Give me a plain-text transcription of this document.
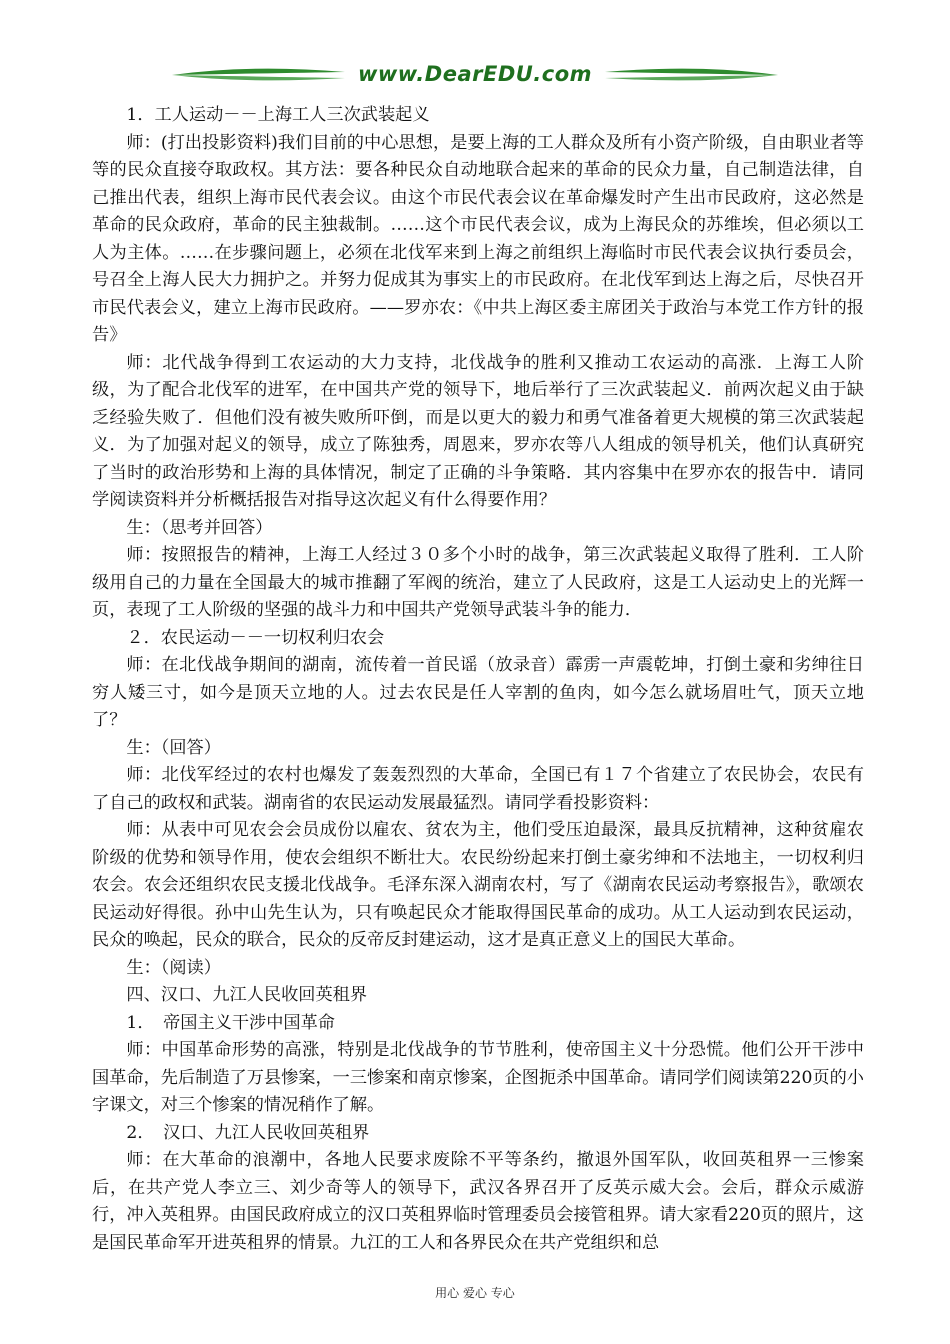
www.DearEDU.com

1．工人运动－－上海工人三次武装起义

师：(打出投影资料)我们目前的中心思想，是要上海的工人群众及所有小资产阶级，自由职业者等等的民众直接夺取政权。其方法：要各种民众自动地联合起来的革命的民众力量，自己制造法律，自己推出代表，组织上海市民代表会议。由这个市民代表会议在革命爆发时产生出市民政府，这必然是革命的民众政府，革命的民主独裁制。……这个市民代表会议，成为上海民众的苏维埃，但必须以工人为主体。……在步骤问题上，必须在北伐军来到上海之前组织上海临时市民代表会议执行委员会，号召全上海人民大力拥护之。并努力促成其为事实上的市民政府。在北伐军到达上海之后，尽快召开市民代表会义，建立上海市民政府。——罗亦农：《中共上海区委主席团关于政治与本党工作方针的报告》

师：北代战争得到工农运动的大力支持，北伐战争的胜利又推动工农运动的高涨．上海工人阶级，为了配合北伐军的进军，在中国共产党的领导下，地后举行了三次武装起义．前两次起义由于缺乏经验失败了．但他们没有被失败所吓倒，而是以更大的毅力和勇气准备着更大规模的第三次武装起义．为了加强对起义的领导，成立了陈独秀，周恩来，罗亦农等八人组成的领导机关，他们认真研究了当时的政治形势和上海的具体情况，制定了正确的斗争策略．其内容集中在罗亦农的报告中．请同学阅读资料并分析概括报告对指导这次起义有什么得要作用？

生：（思考并回答）

师：按照报告的精神，上海工人经过３０多个小时的战争，第三次武装起义取得了胜利．工人阶级用自己的力量在全国最大的城市推翻了军阀的统治，建立了人民政府，这是工人运动史上的光辉一页，表现了工人阶级的坚强的战斗力和中国共产党领导武装斗争的能力．

２．农民运动－－一切权利归农会

师：在北伐战争期间的湖南，流传着一首民谣（放录音）霹雳一声震乾坤，打倒土豪和劣绅往日穷人矮三寸，如今是顶天立地的人。过去农民是任人宰割的鱼肉，如今怎么就场眉吐气，顶天立地了？

生：（回答）

师：北伐军经过的农村也爆发了轰轰烈烈的大革命，全国已有１７个省建立了农民协会，农民有了自己的政权和武装。湖南省的农民运动发展最猛烈。请同学看投影资料：

师：从表中可见农会会员成份以雇农、贫农为主，他们受压迫最深，最具反抗精神，这种贫雇农阶级的优势和领导作用，使农会组织不断壮大。农民纷纷起来打倒土豪劣绅和不法地主，一切权利归农会。农会还组织农民支援北伐战争。毛泽东深入湖南农村，写了《湖南农民运动考察报告》，歌颂农民运动好得很。孙中山先生认为，只有唤起民众才能取得国民革命的成功。从工人运动到农民运动，民众的唤起，民众的联合，民众的反帝反封建运动，这才是真正意义上的国民大革命。

生：（阅读）

四、汉口、九江人民收回英租界

1．　帝国主义干涉中国革命

师：中国革命形势的高涨，特别是北伐战争的节节胜利，使帝国主义十分恐慌。他们公开干涉中国革命，先后制造了万县惨案，一三惨案和南京惨案，企图扼杀中国革命。请同学们阅读第220页的小字课文，对三个惨案的情况稍作了解。

2．　汉口、九江人民收回英租界

师：在大革命的浪潮中，各地人民要求废除不平等条约，撤退外国军队，收回英租界一三惨案后，在共产党人李立三、刘少奇等人的领导下，武汉各界召开了反英示威大会。会后，群众示威游行，冲入英租界。由国民政府成立的汉口英租界临时管理委员会接管租界。请大家看220页的照片，这是国民革命军开进英租界的情景。九江的工人和各界民众在共产党组织和总

用心 爱心 专心
